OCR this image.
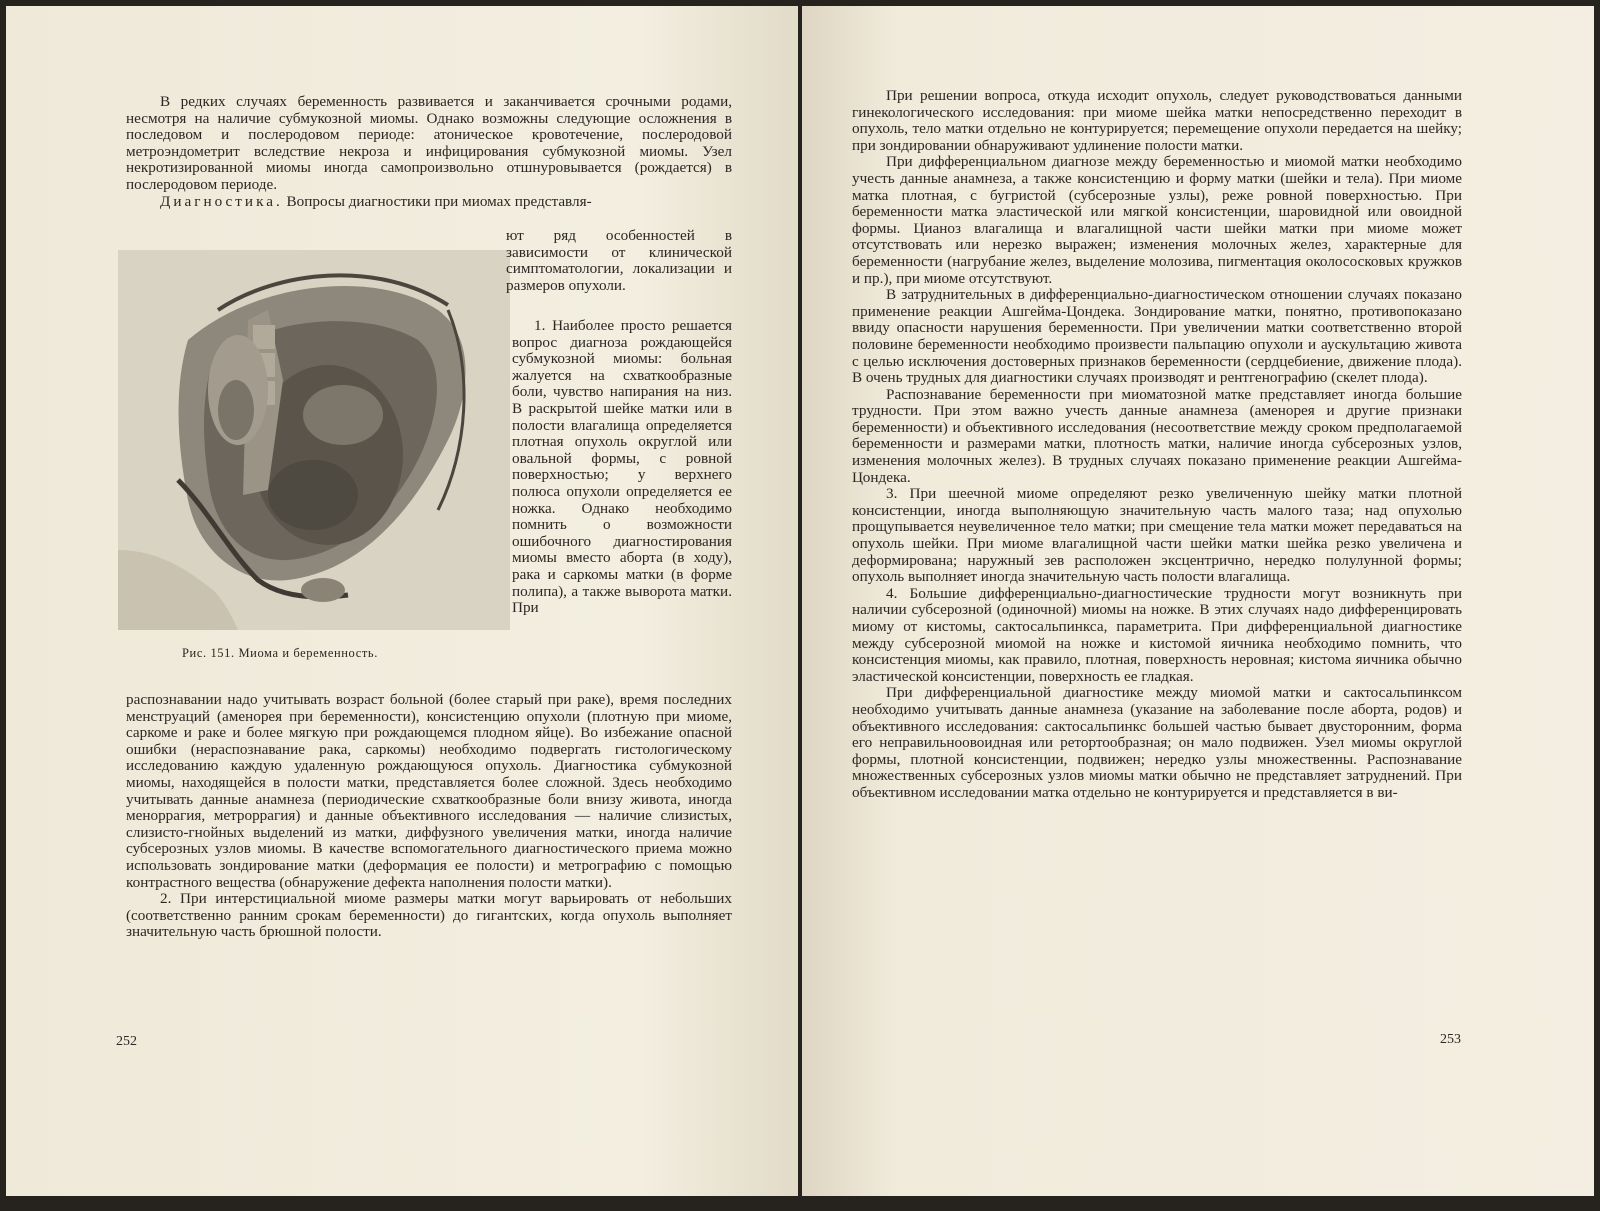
В редких случаях беременность развивается и заканчивается срочными родами, несмотря на наличие субмукозной миомы. Однако возможны следующие осложнения в последовом и послеродовом периоде: атоническое кровотечение, послеродовой метроэндометрит вследствие некроза и инфицирования субмукозной миомы. Узел некротизированной миомы иногда самопроизвольно отшнуровывается (рождается) в послеродовом периоде.

Диагностика. Вопросы диагностики при миомах представля-

Рис. 151. Миома и беременность.

ют ряд особенностей в зависимости от клинической симптоматологии, локализации и размеров опухоли.

1. Наиболее просто решается вопрос диагноза рождающейся субмукозной миомы: больная жалуется на схваткообразные боли, чувство напирания на низ. В раскрытой шейке матки или в полости влагалища определяется плотная опухоль округлой или овальной формы, с ровной поверхностью; у верхнего полюса опухоли определяется ее ножка. Однако необходимо помнить о возможности ошибочного диагностирования миомы вместо аборта (в ходу), рака и саркомы матки (в форме полипа), а также выворота матки. При

распознавании надо учитывать возраст больной (более старый при раке), время последних менструаций (аменорея при беременности), консистенцию опухоли (плотную при миоме, саркоме и раке и более мягкую при рождающемся плодном яйце). Во избежание опасной ошибки (нераспознавание рака, саркомы) необходимо подвергать гистологическому исследованию каждую удаленную рождающуюся опухоль. Диагностика субмукозной миомы, находящейся в полости матки, представляется более сложной. Здесь необходимо учитывать данные анамнеза (периодические схваткообразные боли внизу живота, иногда меноррагия, метроррагия) и данные объективного исследования — наличие слизистых, слизисто-гнойных выделений из матки, диффузного увеличения матки, иногда наличие субсерозных узлов миомы. В качестве вспомогательного диагностического приема можно использовать зондирование матки (деформация ее полости) и метрографию с помощью контрастного вещества (обнаружение дефекта наполнения полости матки).

2. При интерстициальной миоме размеры матки могут варьировать от небольших (соответственно ранним срокам беременности) до гигантских, когда опухоль выполняет значительную часть брюшной полости.

252

При решении вопроса, откуда исходит опухоль, следует руководствоваться данными гинекологического исследования: при миоме шейка матки непосредственно переходит в опухоль, тело матки отдельно не контурируется; перемещение опухоли передается на шейку; при зондировании обнаруживают удлинение полости матки.

При дифференциальном диагнозе между беременностью и миомой матки необходимо учесть данные анамнеза, а также консистенцию и форму матки (шейки и тела). При миоме матка плотная, с бугристой (субсерозные узлы), реже ровной поверхностью. При беременности матка эластической или мягкой консистенции, шаровидной или овоидной формы. Цианоз влагалища и влагалищной части шейки матки при миоме может отсутствовать или нерезко выражен; изменения молочных желез, характерные для беременности (нагрубание желез, выделение молозива, пигментация околососковых кружков и пр.), при миоме отсутствуют.

В затруднительных в дифференциально-диагностическом отношении случаях показано применение реакции Ашгейма-Цондека. Зондирование матки, понятно, противопоказано ввиду опасности нарушения беременности. При увеличении матки соответственно второй половине беременности необходимо произвести пальпацию опухоли и аускультацию живота с целью исключения достоверных признаков беременности (сердцебиение, движение плода). В очень трудных для диагностики случаях производят и рентгенографию (скелет плода).

Распознавание беременности при миоматозной матке представляет иногда большие трудности. При этом важно учесть данные анамнеза (аменорея и другие признаки беременности) и объективного исследования (несоответствие между сроком предполагаемой беременности и размерами матки, плотность матки, наличие иногда субсерозных узлов, изменения молочных желез). В трудных случаях показано применение реакции Ашгейма-Цондека.

3. При шеечной миоме определяют резко увеличенную шейку матки плотной консистенции, иногда выполняющую значительную часть малого таза; над опухолью прощупывается неувеличенное тело матки; при смещение тела матки может передаваться на опухоль шейки. При миоме влагалищной части шейки матки шейка резко увеличена и деформирована; наружный зев расположен эксцентрично, нередко полулунной формы; опухоль выполняет иногда значительную часть полости влагалища.

4. Большие дифференциально-диагностические трудности могут возникнуть при наличии субсерозной (одиночной) миомы на ножке. В этих случаях надо дифференцировать миому от кистомы, сактосальпинкса, параметрита. При дифференциальной диагностике между субсерозной миомой на ножке и кистомой яичника необходимо помнить, что консистенция миомы, как правило, плотная, поверхность неровная; кистома яичника обычно эластической консистенции, поверхность ее гладкая.

При дифференциальной диагностике между миомой матки и сактосальпинксом необходимо учитывать данные анамнеза (указание на заболевание после аборта, родов) и объективного исследования: сактосальпинкс большей частью бывает двусторонним, форма его неправильноовоидная или ретортообразная; он мало подвижен. Узел миомы округлой формы, плотной консистенции, подвижен; нередко узлы множественны. Распознавание множественных субсерозных узлов миомы матки обычно не представляет затруднений. При объективном исследовании матка отдельно не контурируется и представляется в ви-

253
